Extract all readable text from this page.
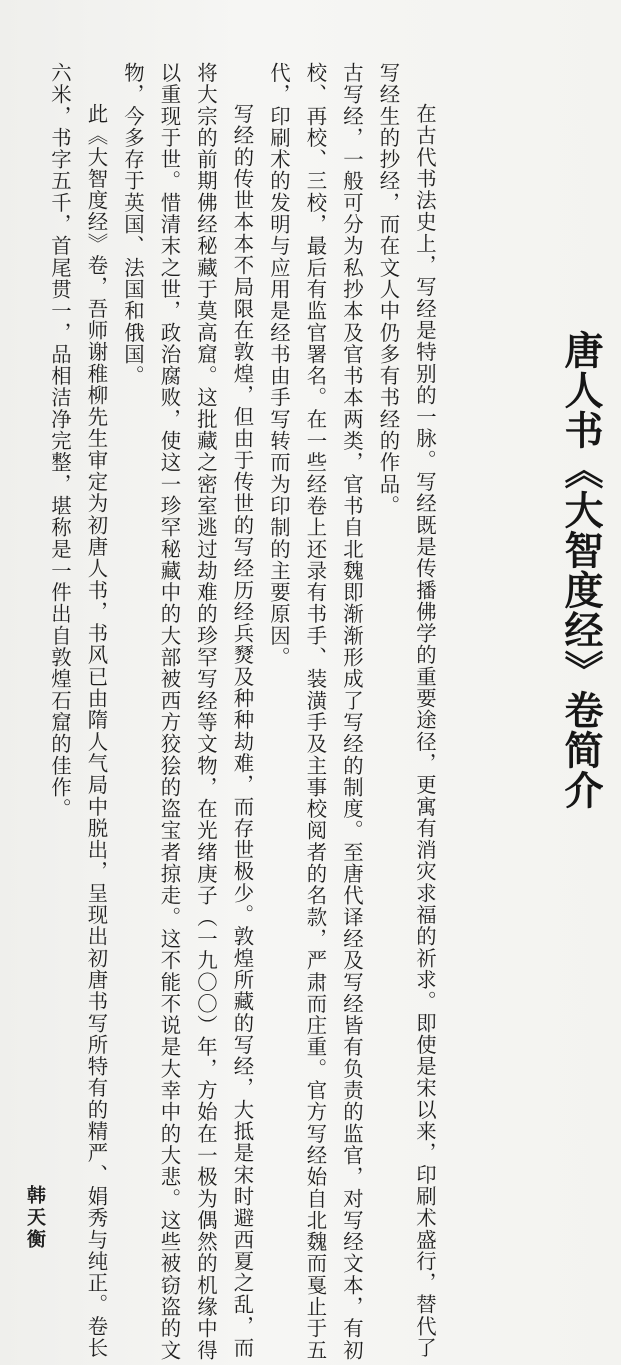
唐人书《大智度经》卷简介

在古代书法史上，写经是特别的一脉。写经既是传播佛学的重要途径，更寓有消灾求福的祈求。即使是宋以来，印刷术盛行，替代了写经生的抄经，而在文人中仍多有书经的作品。

古写经，一般可分为私抄本及官书本两类，官书自北魏即渐渐形成了写经的制度。至唐代译经及写经皆有负责的监官，对写经文本，有初校、再校、三校，最后有监官署名。在一些经卷上还录有书手、装潢手及主事校阅者的名款，严肃而庄重。官方写经始自北魏而戛止于五代，印刷术的发明与应用是经书由手写转而为印制的主要原因。

写经的传世本本不局限在敦煌，但由于传世的写经历经兵燹及种种劫难，而存世极少。敦煌所藏的写经，大抵是宋时避西夏之乱，而将大宗的前期佛经秘藏于莫高窟。这批藏之密室逃过劫难的珍罕写经等文物，在光绪庚子（一九〇〇）年，方始在一极为偶然的机缘中得以重现于世。惜清末之世，政治腐败，使这一珍罕秘藏中的大部被西方狡狯的盗宝者掠走。这不能不说是大幸中的大悲。这些被窃盗的文物，今多存于英国、法国和俄国。

此《大智度经》卷，吾师谢稚柳先生审定为初唐人书，书风已由隋人气局中脱出，呈现出初唐书写所特有的精严、娟秀与纯正。卷长六米，书字五千，首尾贯一，品相洁净完整，堪称是一件出自敦煌石窟的佳作。

韩天衡
